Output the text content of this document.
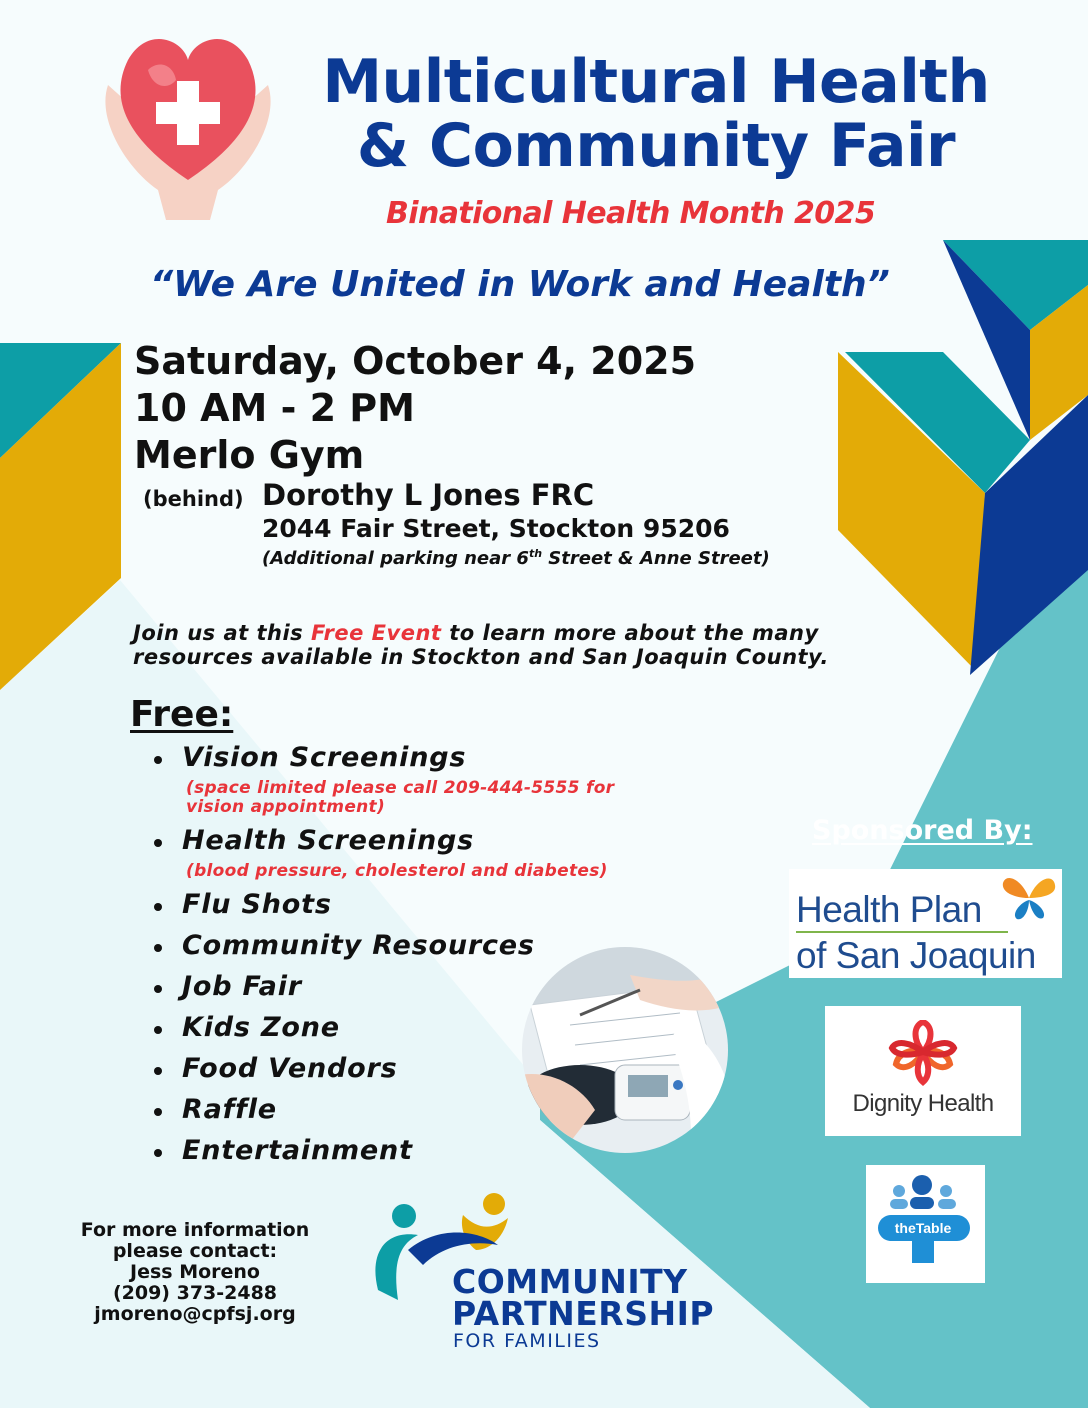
Multicultural Health
& Community Fair
Binational Health Month 2025
“We Are United in Work and Health”
Saturday, October 4, 2025
10 AM - 2 PM
Merlo Gym
(behind) Dorothy L Jones FRC
2044 Fair Street, Stockton 95206
(Additional parking near 6th Street & Anne Street)
Join us at this Free Event to learn more about the many resources available in Stockton and San Joaquin County.
Free:
Vision Screenings
(space limited please call 209-444-5555 for vision appointment)
Health Screenings
(blood pressure, cholesterol and diabetes)
Flu Shots
Community Resources
Job Fair
Kids Zone
Food Vendors
Raffle
Entertainment
For more information
please contact:
Jess Moreno
(209) 373-2488
jmoreno@cpfsj.org
COMMUNITY
PARTNERSHIP
FOR FAMILIES
Sponsored By:
Health Plan
of San Joaquin
Dignity Health
theTable
